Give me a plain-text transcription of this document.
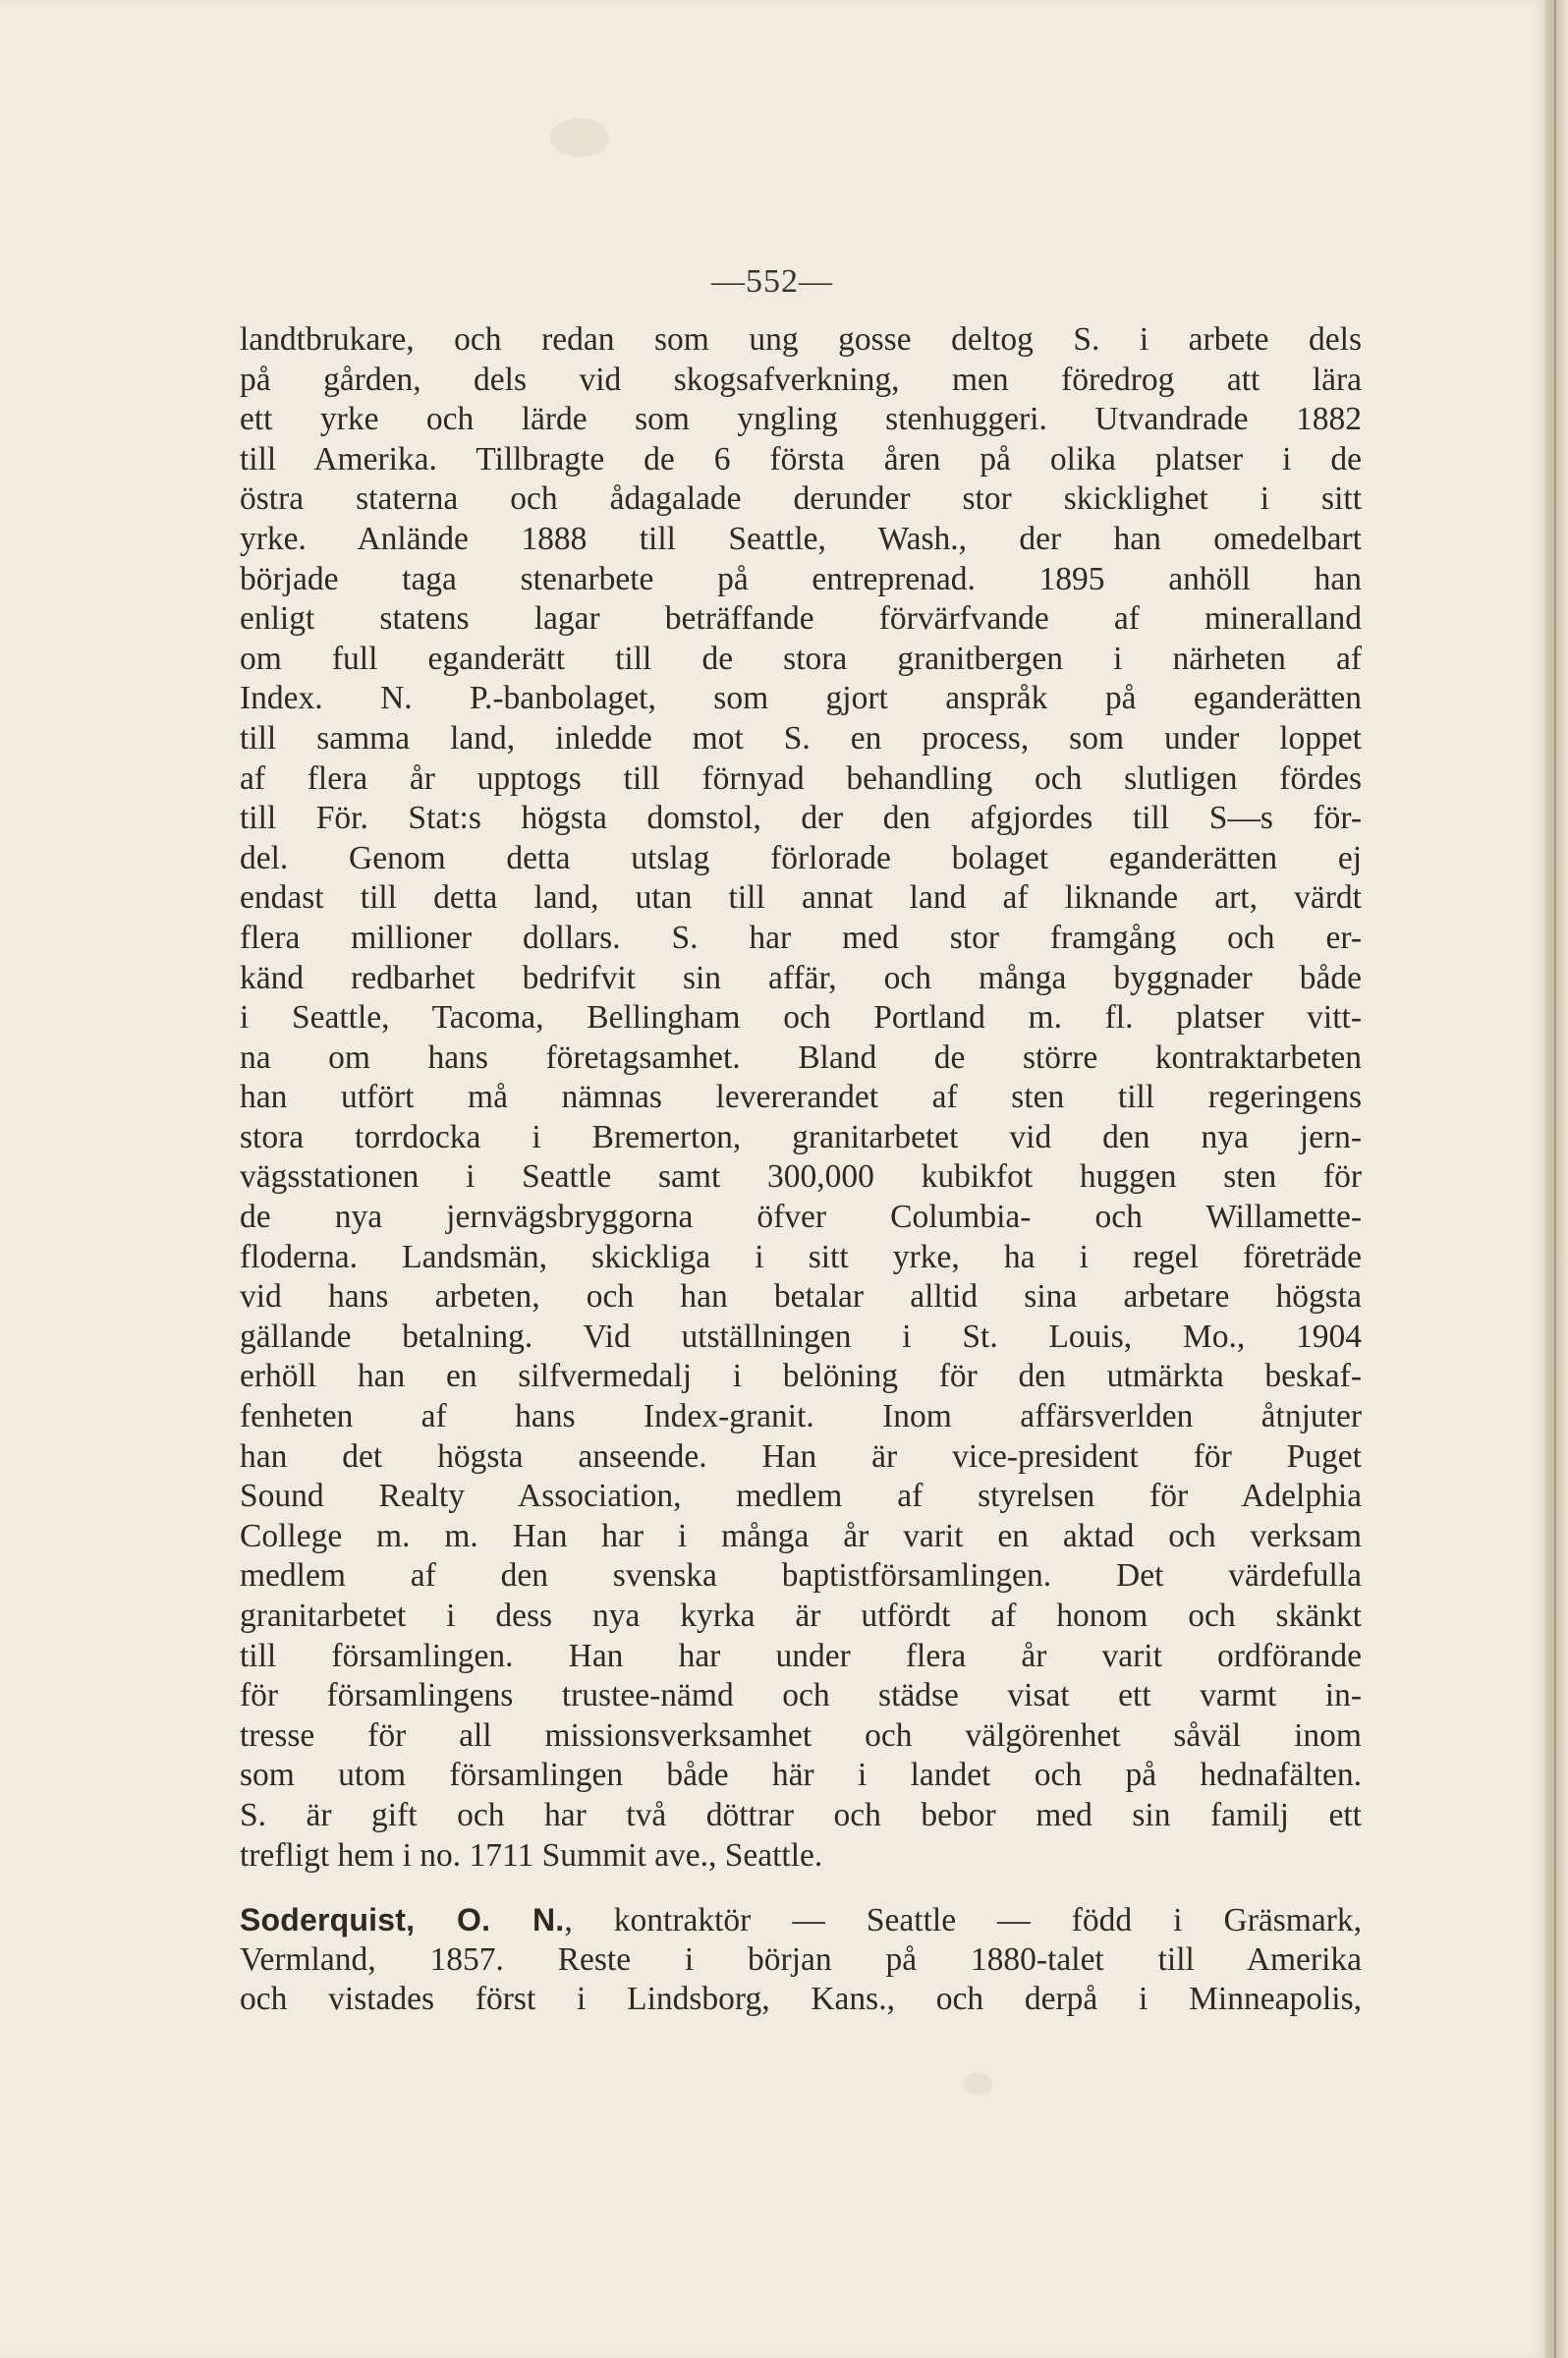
—552—
landtbrukare, och redan som ung gosse deltog S. i arbete dels
på gården, dels vid skogsafverkning, men föredrog att lära
ett yrke och lärde som yngling stenhuggeri. Utvandrade 1882
till Amerika. Tillbragte de 6 första åren på olika platser i de
östra staterna och ådagalade derunder stor skicklighet i sitt
yrke. Anlände 1888 till Seattle, Wash., der han omedelbart
började taga stenarbete på entreprenad. 1895 anhöll han
enligt statens lagar beträffande förvärfvande af mineralland
om full eganderätt till de stora granitbergen i närheten af
Index. N. P.-banbolaget, som gjort anspråk på eganderätten
till samma land, inledde mot S. en process, som under loppet
af flera år upptogs till förnyad behandling och slutligen fördes
till För. Stat:s högsta domstol, der den afgjordes till S—s för-
del. Genom detta utslag förlorade bolaget eganderätten ej
endast till detta land, utan till annat land af liknande art, värdt
flera millioner dollars. S. har med stor framgång och er-
känd redbarhet bedrifvit sin affär, och många byggnader både
i Seattle, Tacoma, Bellingham och Portland m. fl. platser vitt-
na om hans företagsamhet. Bland de större kontraktarbeten
han utfört må nämnas levererandet af sten till regeringens
stora torrdocka i Bremerton, granitarbetet vid den nya jern-
vägsstationen i Seattle samt 300,000 kubikfot huggen sten för
de nya jernvägsbryggorna öfver Columbia- och Willamette-
floderna. Landsmän, skickliga i sitt yrke, ha i regel företräde
vid hans arbeten, och han betalar alltid sina arbetare högsta
gällande betalning. Vid utställningen i St. Louis, Mo., 1904
erhöll han en silfvermedalj i belöning för den utmärkta beskaf-
fenheten af hans Index-granit. Inom affärsverlden åtnjuter
han det högsta anseende. Han är vice-president för Puget
Sound Realty Association, medlem af styrelsen för Adelphia
College m. m. Han har i många år varit en aktad och verksam
medlem af den svenska baptistförsamlingen. Det värdefulla
granitarbetet i dess nya kyrka är utfördt af honom och skänkt
till församlingen. Han har under flera år varit ordförande
för församlingens trustee-nämd och städse visat ett varmt in-
tresse för all missionsverksamhet och välgörenhet såväl inom
som utom församlingen både här i landet och på hednafälten.
S. är gift och har två döttrar och bebor med sin familj ett
trefligt hem i no. 1711 Summit ave., Seattle.
Soderquist, O. N., kontraktör — Seattle — född i Gräsmark,
Vermland, 1857. Reste i början på 1880-talet till Amerika
och vistades först i Lindsborg, Kans., och derpå i Minneapolis,
